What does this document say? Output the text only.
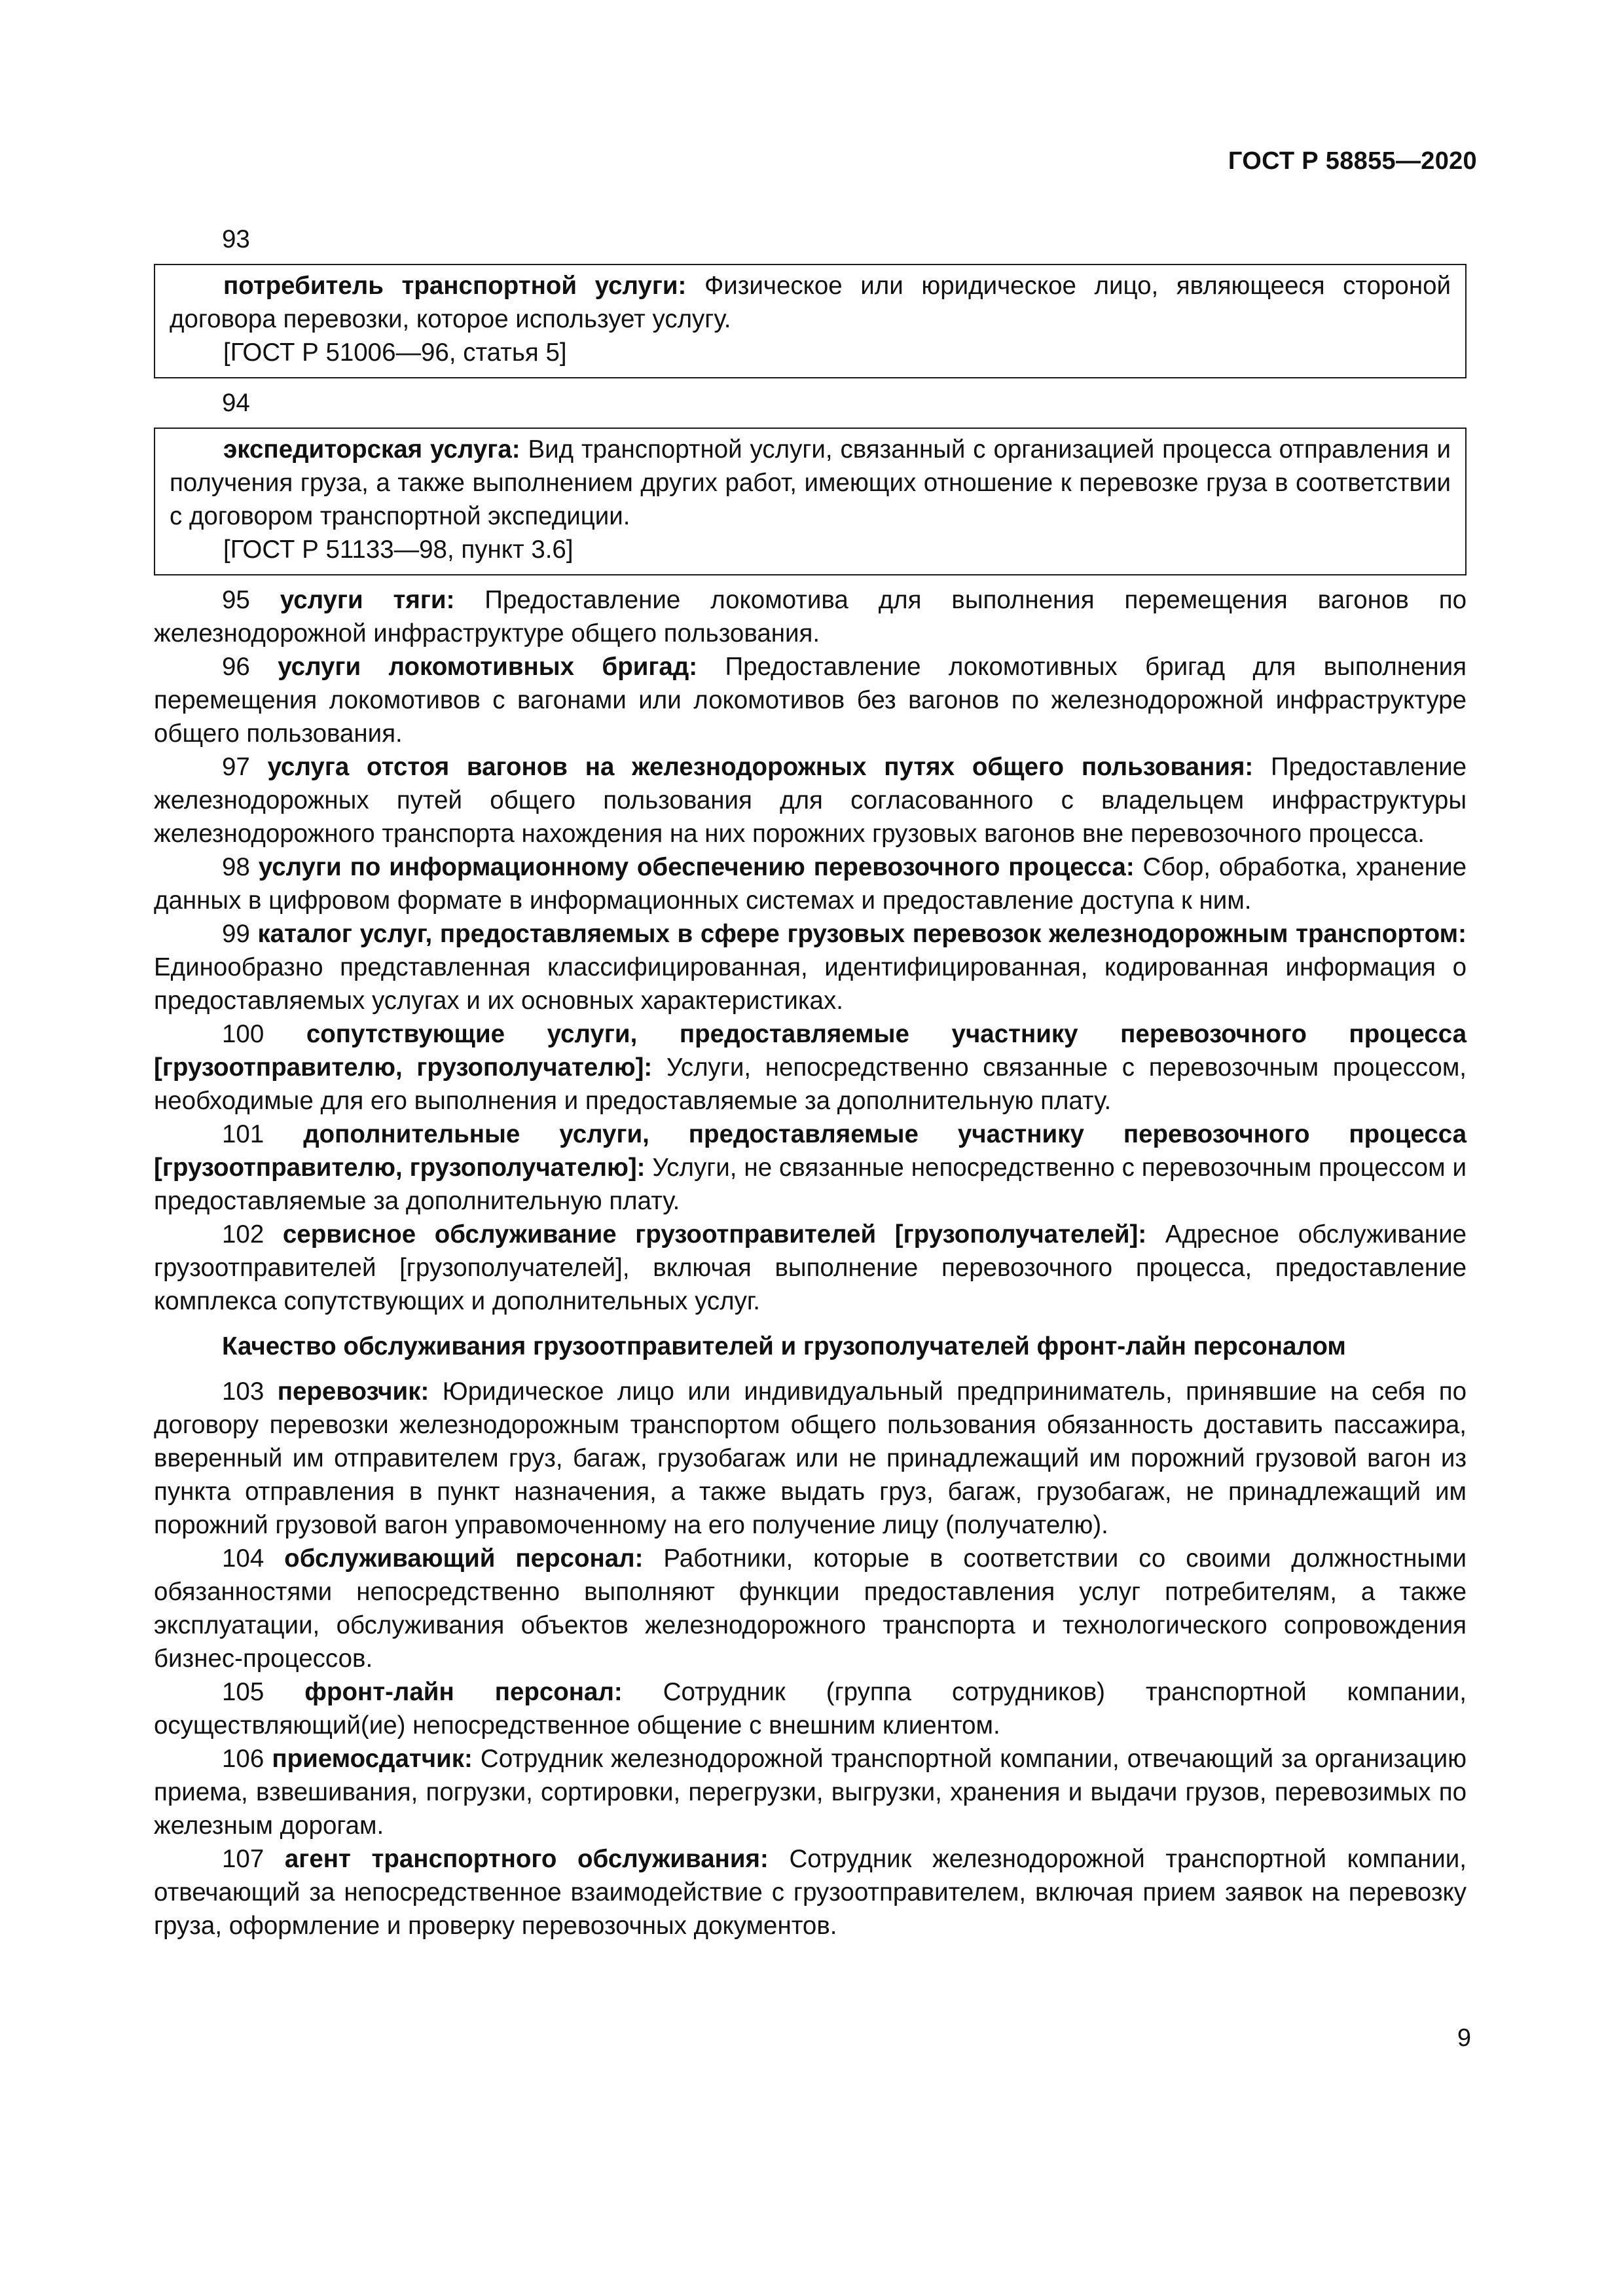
ГОСТ Р 58855—2020
93

потребитель транспортной услуги: Физическое или юридическое лицо, являющееся стороной договора перевозки, которое использует услугу.

[ГОСТ Р 51006—96, статья 5]

94

экспедиторская услуга: Вид транспортной услуги, связанный с организацией процесса отправления и получения груза, а также выполнением других работ, имеющих отношение к перевозке груза в соответствии с договором транспортной экспедиции.

[ГОСТ Р 51133—98, пункт 3.6]

95 услуги тяги: Предоставление локомотива для выполнения перемещения вагонов по железнодорожной инфраструктуре общего пользования.

96 услуги локомотивных бригад: Предоставление локомотивных бригад для выполнения перемещения локомотивов с вагонами или локомотивов без вагонов по железнодорожной инфраструктуре общего пользования.

97 услуга отстоя вагонов на железнодорожных путях общего пользования: Предоставление железнодорожных путей общего пользования для согласованного с владельцем инфраструктуры железнодорожного транспорта нахождения на них порожних грузовых вагонов вне перевозочного процесса.

98 услуги по информационному обеспечению перевозочного процесса: Сбор, обработка, хранение данных в цифровом формате в информационных системах и предоставление доступа к ним.

99 каталог услуг, предоставляемых в сфере грузовых перевозок железнодорожным транспортом: Единообразно представленная классифицированная, идентифицированная, кодированная информация о предоставляемых услугах и их основных характеристиках.

100 сопутствующие услуги, предоставляемые участнику перевозочного процесса [грузоотправителю, грузополучателю]: Услуги, непосредственно связанные с перевозочным процессом, необходимые для его выполнения и предоставляемые за дополнительную плату.

101 дополнительные услуги, предоставляемые участнику перевозочного процесса [грузоотправителю, грузополучателю]: Услуги, не связанные непосредственно с перевозочным процессом и предоставляемые за дополнительную плату.

102 сервисное обслуживание грузоотправителей [грузополучателей]: Адресное обслуживание грузоотправителей [грузополучателей], включая выполнение перевозочного процесса, предоставление комплекса сопутствующих и дополнительных услуг.

Качество обслуживания грузоотправителей и грузополучателей фронт-лайн персоналом

103 перевозчик: Юридическое лицо или индивидуальный предприниматель, принявшие на себя по договору перевозки железнодорожным транспортом общего пользования обязанность доставить пассажира, вверенный им отправителем груз, багаж, грузобагаж или не принадлежащий им порожний грузовой вагон из пункта отправления в пункт назначения, а также выдать груз, багаж, грузобагаж, не принадлежащий им порожний грузовой вагон управомоченному на его получение лицу (получателю).

104 обслуживающий персонал: Работники, которые в соответствии со своими должностными обязанностями непосредственно выполняют функции предоставления услуг потребителям, а также эксплуатации, обслуживания объектов железнодорожного транспорта и технологического сопровождения бизнес-процессов.

105 фронт-лайн персонал: Сотрудник (группа сотрудников) транспортной компании, осуществляющий(ие) непосредственное общение с внешним клиентом.

106 приемосдатчик: Сотрудник железнодорожной транспортной компании, отвечающий за организацию приема, взвешивания, погрузки, сортировки, перегрузки, выгрузки, хранения и выдачи грузов, перевозимых по железным дорогам.

107 агент транспортного обслуживания: Сотрудник железнодорожной транспортной компании, отвечающий за непосредственное взаимодействие с грузоотправителем, включая прием заявок на перевозку груза, оформление и проверку перевозочных документов.

9
